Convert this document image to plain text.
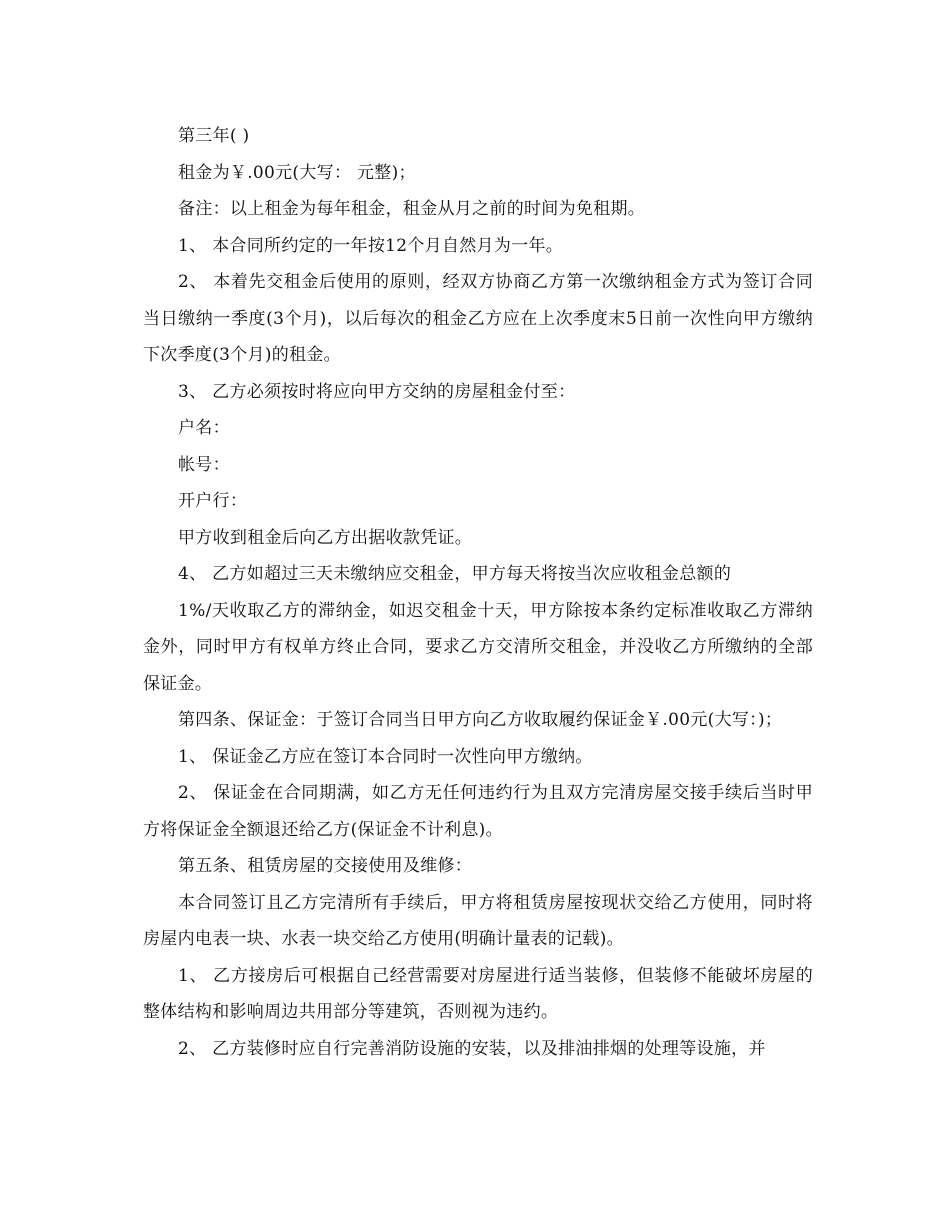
第三年( )

租金为￥.00元(大写： 元整)；

备注：以上租金为每年租金，租金从月之前的时间为免租期。

1、 本合同所约定的一年按12个月自然月为一年。

2、 本着先交租金后使用的原则，经双方协商乙方第一次缴纳租金方式为签订合同当日缴纳一季度(3个月)，以后每次的租金乙方应在上次季度末5日前一次性向甲方缴纳下次季度(3个月)的租金。

3、 乙方必须按时将应向甲方交纳的房屋租金付至：

户名：

帐号：

开户行：

甲方收到租金后向乙方出据收款凭证。

4、 乙方如超过三天未缴纳应交租金，甲方每天将按当次应收租金总额的

1%/天收取乙方的滞纳金，如迟交租金十天，甲方除按本条约定标准收取乙方滞纳金外，同时甲方有权单方终止合同，要求乙方交清所交租金，并没收乙方所缴纳的全部保证金。

第四条、保证金：于签订合同当日甲方向乙方收取履约保证金￥.00元(大写：)；

1、 保证金乙方应在签订本合同时一次性向甲方缴纳。

2、 保证金在合同期满，如乙方无任何违约行为且双方完清房屋交接手续后当时甲方将保证金全额退还给乙方(保证金不计利息)。

第五条、租赁房屋的交接使用及维修：

本合同签订且乙方完清所有手续后，甲方将租赁房屋按现状交给乙方使用，同时将房屋内电表一块、水表一块交给乙方使用(明确计量表的记载)。

1、 乙方接房后可根据自己经营需要对房屋进行适当装修，但装修不能破坏房屋的整体结构和影响周边共用部分等建筑，否则视为违约。

2、 乙方装修时应自行完善消防设施的安装，以及排油排烟的处理等设施，并
